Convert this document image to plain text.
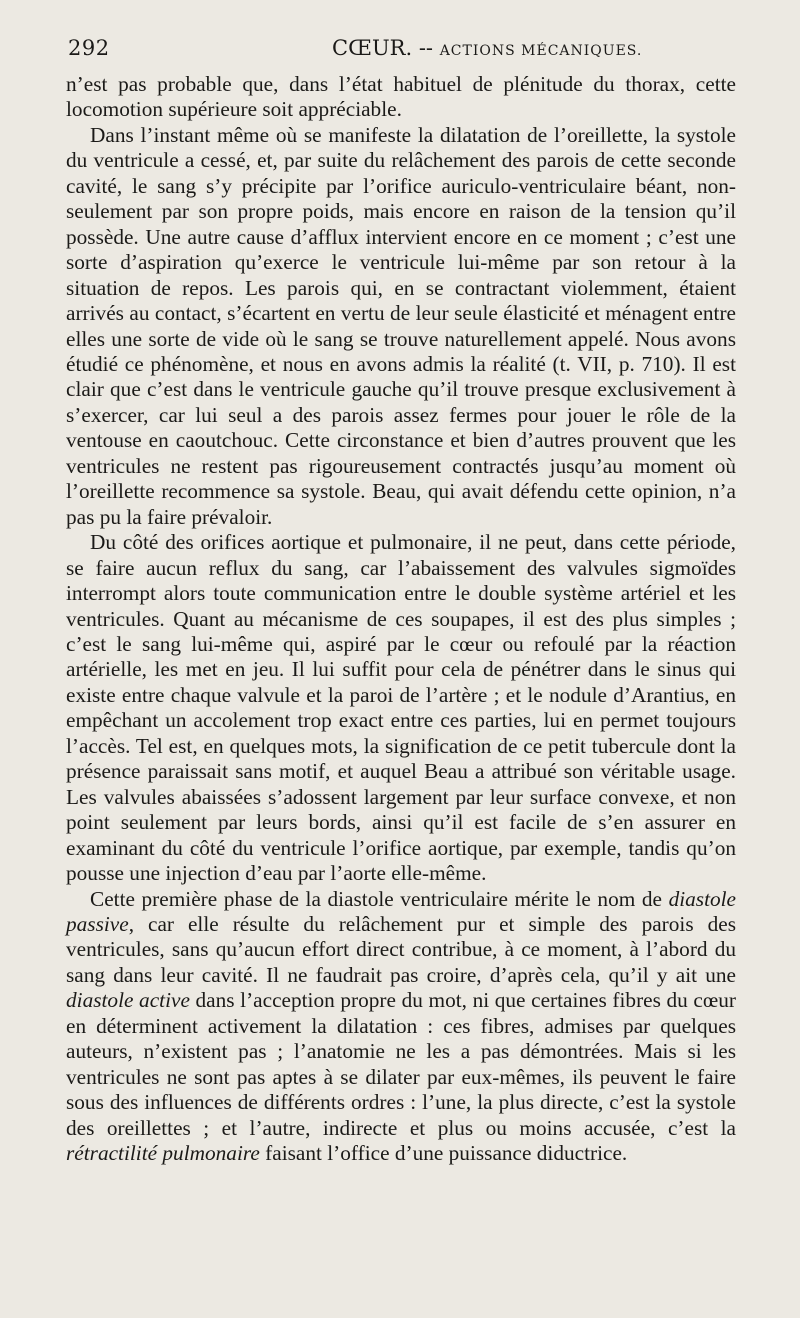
292	CŒUR. -- ACTIONS MÉCANIQUES.

n’est pas probable que, dans l’état habituel de plénitude du thorax, cette locomotion supérieure soit appréciable.

Dans l’instant même où se manifeste la dilatation de l’oreillette, la systole du ventricule a cessé, et, par suite du relâchement des parois de cette seconde cavité, le sang s’y précipite par l’orifice auriculo-ventriculaire béant, non-seulement par son propre poids, mais encore en raison de la tension qu’il possède. Une autre cause d’afflux intervient encore en ce moment ; c’est une sorte d’aspiration qu’exerce le ventricule lui-même par son retour à la situation de repos. Les parois qui, en se contractant violemment, étaient arrivés au contact, s’écartent en vertu de leur seule élasticité et ménagent entre elles une sorte de vide où le sang se trouve naturellement appelé. Nous avons étudié ce phénomène, et nous en avons admis la réalité (t. VII, p. 710). Il est clair que c’est dans le ventricule gauche qu’il trouve presque exclusivement à s’exercer, car lui seul a des parois assez fermes pour jouer le rôle de la ventouse en caoutchouc. Cette circonstance et bien d’autres prouvent que les ventricules ne restent pas rigoureusement contractés jusqu’au moment où l’oreillette recommence sa systole. Beau, qui avait défendu cette opinion, n’a pas pu la faire prévaloir.

Du côté des orifices aortique et pulmonaire, il ne peut, dans cette période, se faire aucun reflux du sang, car l’abaissement des valvules sigmoïdes interrompt alors toute communication entre le double système artériel et les ventricules. Quant au mécanisme de ces soupapes, il est des plus simples ; c’est le sang lui-même qui, aspiré par le cœur ou refoulé par la réaction artérielle, les met en jeu. Il lui suffit pour cela de pénétrer dans le sinus qui existe entre chaque valvule et la paroi de l’artère ; et le nodule d’Arantius, en empêchant un accolement trop exact entre ces parties, lui en permet toujours l’accès. Tel est, en quelques mots, la signification de ce petit tubercule dont la présence paraissait sans motif, et auquel Beau a attribué son véritable usage. Les valvules abaissées s’adossent largement par leur surface convexe, et non point seulement par leurs bords, ainsi qu’il est facile de s’en assurer en examinant du côté du ventricule l’orifice aortique, par exemple, tandis qu’on pousse une injection d’eau par l’aorte elle-même.

Cette première phase de la diastole ventriculaire mérite le nom de diastole passive, car elle résulte du relâchement pur et simple des parois des ventricules, sans qu’aucun effort direct contribue, à ce moment, à l’abord du sang dans leur cavité. Il ne faudrait pas croire, d’après cela, qu’il y ait une diastole active dans l’acception propre du mot, ni que certaines fibres du cœur en déterminent activement la dilatation : ces fibres, admises par quelques auteurs, n’existent pas ; l’anatomie ne les a pas démontrées. Mais si les ventricules ne sont pas aptes à se dilater par eux-mêmes, ils peuvent le faire sous des influences de différents ordres : l’une, la plus directe, c’est la systole des oreillettes ; et l’autre, indirecte et plus ou moins accusée, c’est la rétractilité pulmonaire faisant l’office d’une puissance diductrice.
